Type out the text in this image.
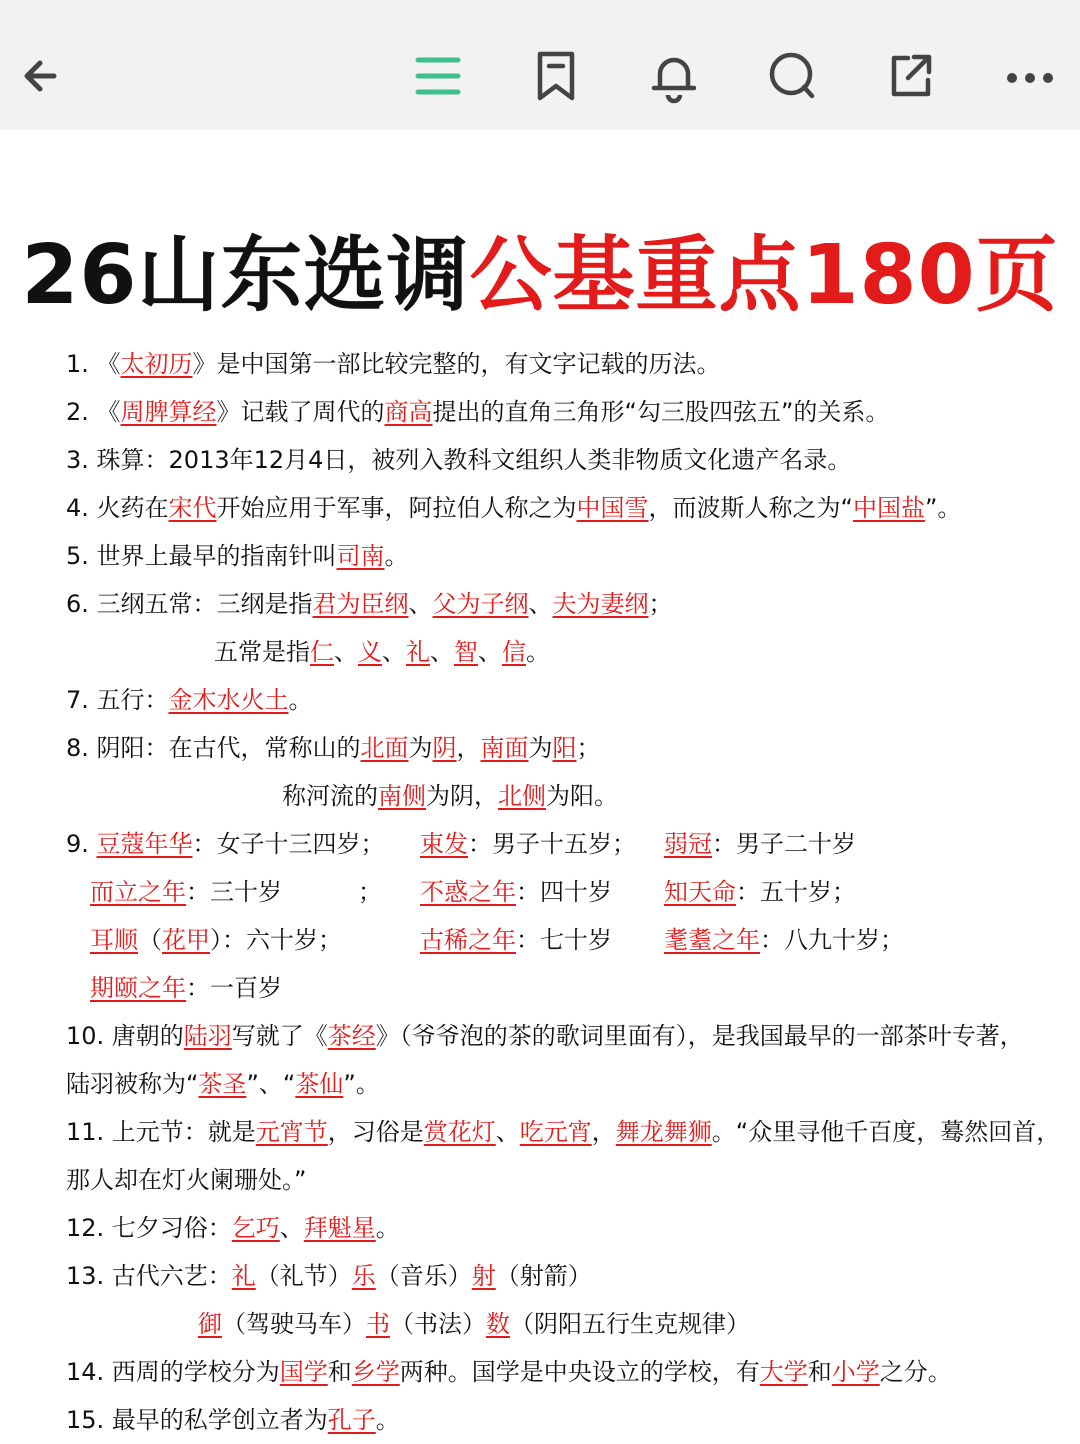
26山东选调公基重点180页
1. 《太初历》是中国第一部比较完整的，有文字记载的历法。
2. 《周脾算经》记载了周代的商高提出的直角三角形“勾三股四弦五”的关系。
3. 珠算：2013年12月4日，被列入教科文组织人类非物质文化遗产名录。
4. 火药在宋代开始应用于军事，阿拉伯人称之为中国雪，而波斯人称之为“中国盐”。
5. 世界上最早的指南针叫司南。
6. 三纲五常：三纲是指君为臣纲、父为子纲、夫为妻纲；
五常是指仁、义、礼、智、信。
7. 五行：金木水火土。
8. 阴阳：在古代，常称山的北面为阴，南面为阳；
称河流的南侧为阴，北侧为阳。
9. 豆蔻年华：女子十三四岁； 束发：男子十五岁； 弱冠：男子二十岁
而立之年：三十岁	； 不惑之年：四十岁 知天命：五十岁；
耳顺（花甲）：六十岁；	古稀之年：七十岁 耄耋之年：八九十岁；
期颐之年：一百岁
10. 唐朝的陆羽写就了《茶经》（爷爷泡的茶的歌词里面有），是我国最早的一部茶叶专著，
陆羽被称为“茶圣”、“茶仙”。
11. 上元节：就是元宵节，习俗是赏花灯、吃元宵，舞龙舞狮。“众里寻他千百度，蓦然回首，
那人却在灯火阑珊处。”
12. 七夕习俗：乞巧、拜魁星。
13. 古代六艺：礼（礼节）乐（音乐）射（射箭）
御（驾驶马车）书（书法）数（阴阳五行生克规律）
14. 西周的学校分为国学和乡学两种。国学是中央设立的学校，有大学和小学之分。
15. 最早的私学创立者为孔子。
